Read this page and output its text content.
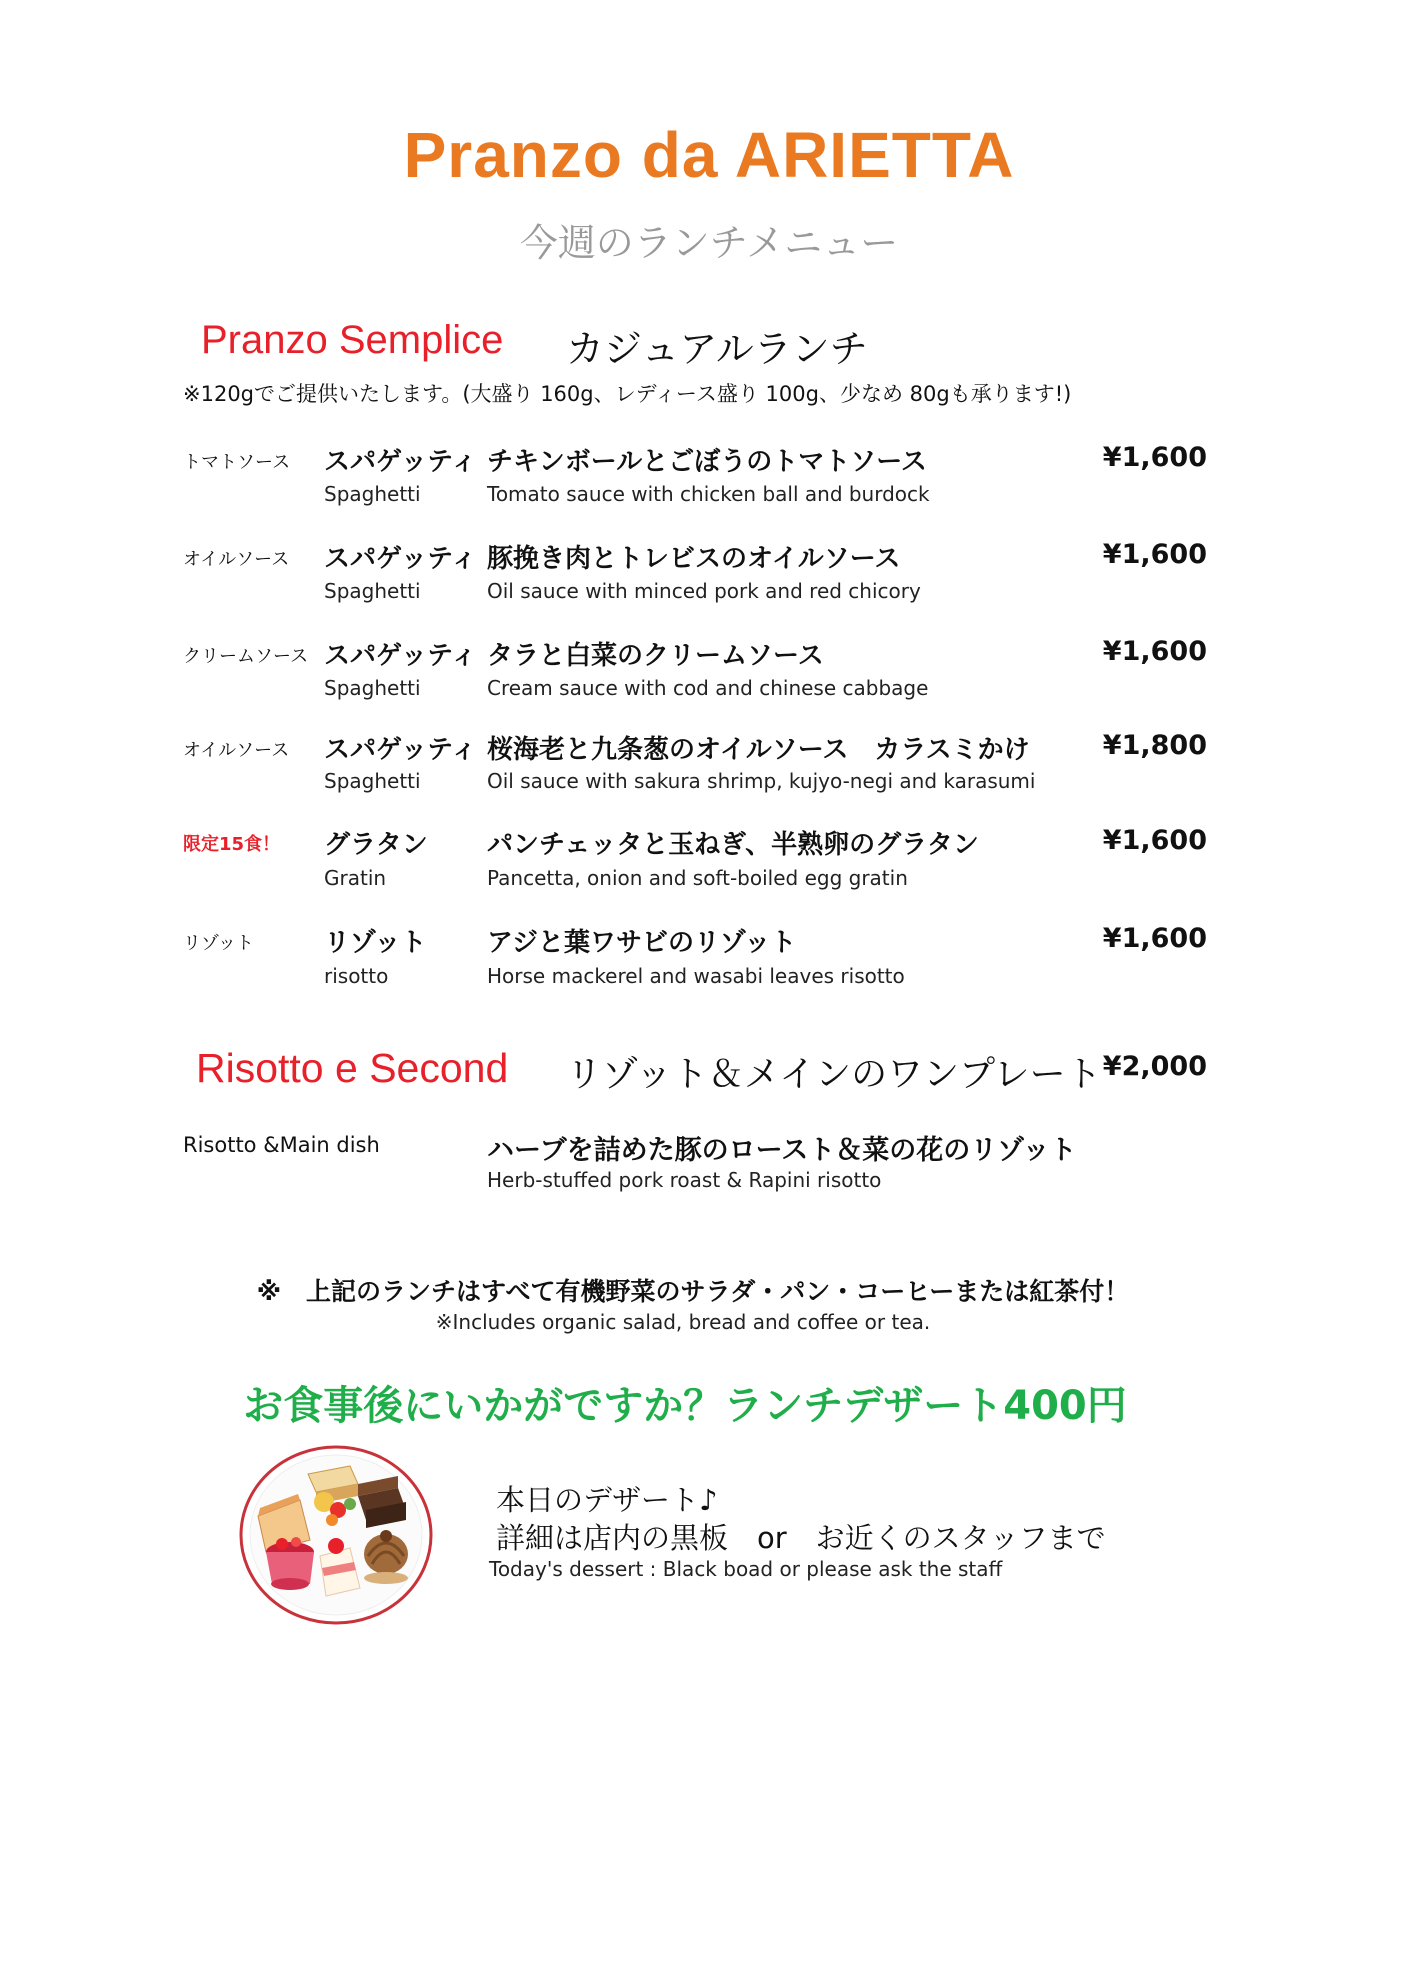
Pranzo da ARIETTA
今週のランチメニュー
Pranzo Semplice カジュアルランチ
※120gでご提供いたします。(大盛り 160g、レディース盛り 100g、少なめ 80gも承ります!)
トマトソース スパゲッティ
Spaghetti
チキンボールとごぼうのトマトソース
Tomato sauce with chicken ball and burdock
¥1,600
オイルソース スパゲッティ
Spaghetti
豚挽き肉とトレビスのオイルソース
Oil sauce with minced pork and red chicory
¥1,600
クリームソース スパゲッティ
Spaghetti
タラと白菜のクリームソース
Cream sauce with cod and chinese cabbage
¥1,600
オイルソース スパゲッティ
Spaghetti
桜海老と九条葱のオイルソース　カラスミかけ
Oil sauce with sakura shrimp, kujyo-negi and karasumi
¥1,800
限定15食！ グラタン
Gratin
パンチェッタと玉ねぎ、半熟卵のグラタン
Pancetta, onion and soft-boiled egg gratin
¥1,600
リゾット	リゾット
risotto
アジと葉ワサビのリゾット
Horse mackerel and wasabi leaves risotto
¥1,600
Risotto e Second リゾット＆メインのワンプレート ¥2,000
Risotto &Main dish	ハーブを詰めた豚のロースト＆菜の花のリゾット
Herb-stuffed pork roast & Rapini risotto
※　上記のランチはすべて有機野菜のサラダ・パン・コーヒーまたは紅茶付！
※Includes organic salad, bread and coffee or tea.
お食事後にいかがですか？ランチデザート400円
本日のデザート♪
詳細は店内の黒板　or　お近くのスタッフまで
Today's dessert : Black boad or please ask the staff
